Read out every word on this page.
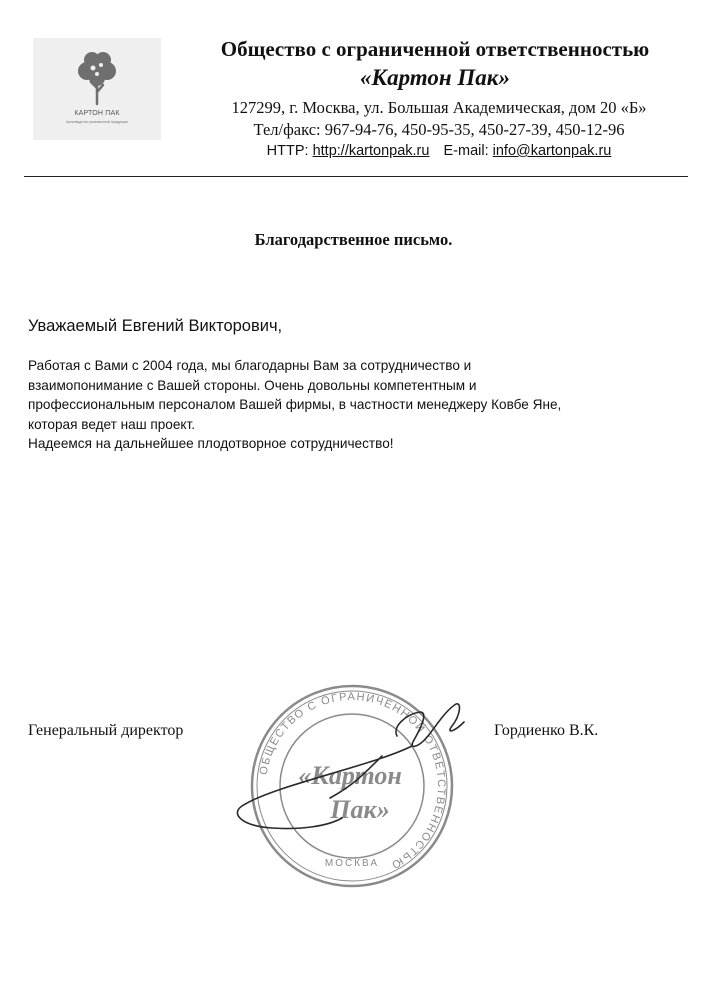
КАРТОН ПАК
производство упаковочной продукции
Общество с ограниченной ответственностью
«Картон Пак»
127299, г. Москва, ул. Большая Академическая, дом 20 «Б»
Тел/факс: 967-94-76, 450-95-35, 450-27-39, 450-12-96
HTTP: http://kartonpak.ru E-mail: info@kartonpak.ru
Благодарственное письмо.
Уважаемый Евгений Викторович,
Работая с Вами с 2004 года, мы благодарны Вам за сотрудничество и
взаимопонимание с Вашей стороны. Очень довольны компетентным и
профессиональным персоналом Вашей фирмы, в частности менеджеру Ковбе Яне,
которая ведет наш проект.
Надеемся на дальнейшее плодотворное сотрудничество!
Генеральный директор	Гордиенко В.К.
ОБЩЕСТВО С ОГРАНИЧЕННОЙ ОТВЕТСТВЕННОСТЬЮ
МОСКВА
«Картон
Пак»
